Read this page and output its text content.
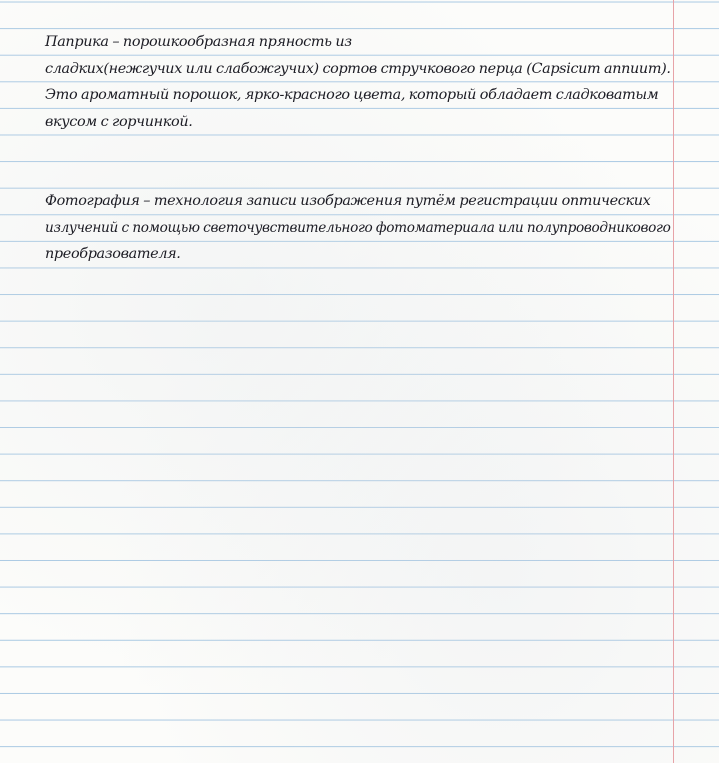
Паприка – порошкообразная пряность из
сладких(нежгучих или слабожгучих) сортов стручкового перца (Capsicum annuum).
Это ароматный порошок, ярко-красного цвета, который обладает сладковатым
вкусом с горчинкой.
Фотография – технология записи изображения путём регистрации оптических
излучений с помощью светочувствительного фотоматериала или полупроводникового
преобразователя.
